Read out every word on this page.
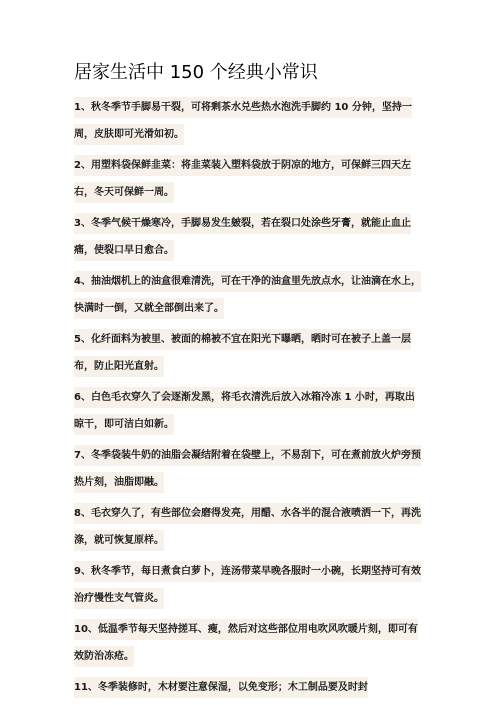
居家生活中 150 个经典小常识

1、秋冬季节手脚易干裂，可将剩茶水兑些热水泡洗手脚约 10 分钟，坚持一周，皮肤即可光滑如初。

2、用塑料袋保鲜韭菜：将韭菜装入塑料袋放于阴凉的地方，可保鲜三四天左右，冬天可保鲜一周。

3、冬季气候干燥寒冷，手脚易发生皴裂，若在裂口处涂些牙膏，就能止血止痛，使裂口早日愈合。

4、抽油烟机上的油盒很难清洗，可在干净的油盒里先放点水，让油滴在水上，快满时一倒，又就全部倒出来了。

5、化纤面料为被里、被面的棉被不宜在阳光下曝晒，晒时可在被子上盖一层布，防止阳光直射。

6、白色毛衣穿久了会逐渐发黑，将毛衣清洗后放入冰箱冷冻 1 小时，再取出晾干，即可洁白如新。

7、冬季袋装牛奶的油脂会凝结附着在袋壁上，不易刮下，可在煮前放火炉旁预热片刻，油脂即融。

8、毛衣穿久了，有些部位会磨得发亮，用醋、水各半的混合液喷洒一下，再洗涤，就可恢复原样。

9、秋冬季节，每日煮食白萝卜，连汤带菜早晚各服时一小碗，长期坚持可有效治疗慢性支气管炎。

10、低温季节每天坚持搓耳、瘦，然后对这些部位用电吹风吹暖片刻，即可有效防治冻疮。

11、冬季装修时，木材要注意保湿，以免变形；木工制品要及时封
